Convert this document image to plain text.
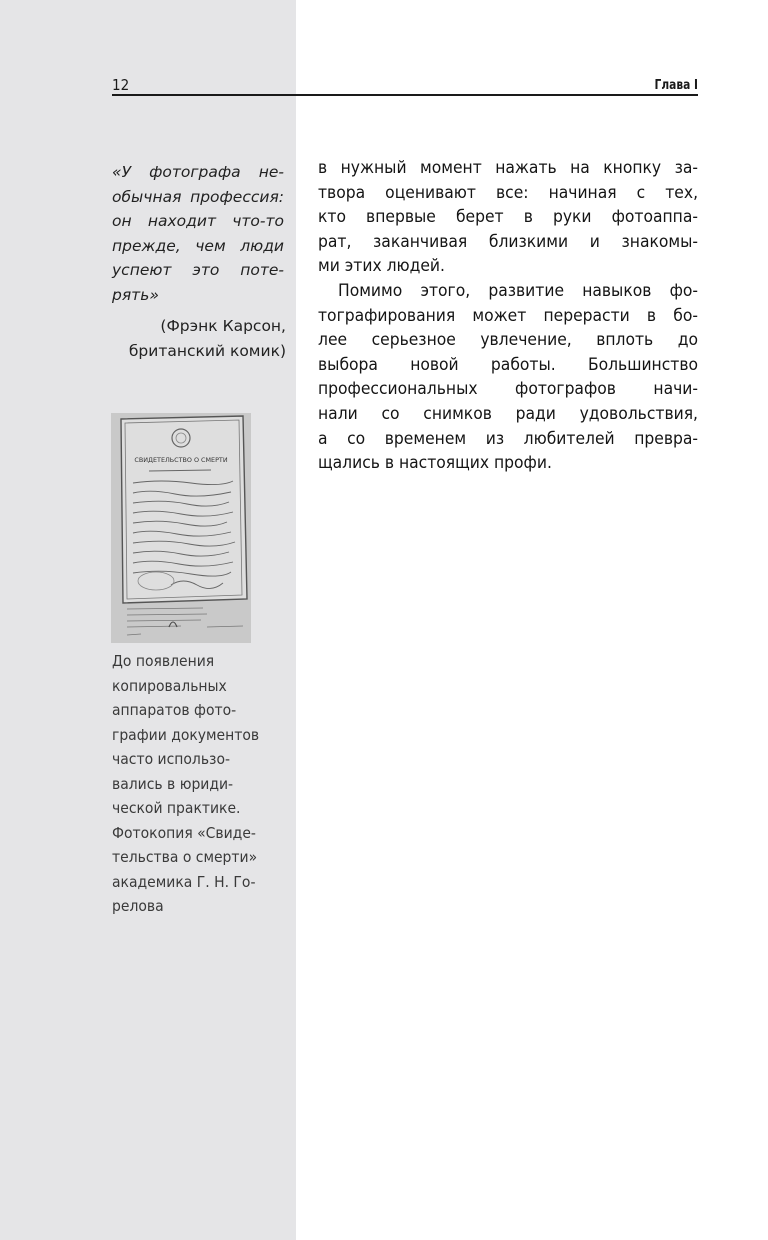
12	Глава I
«У фотографа не-
обычная профессия:
он находит что-то
прежде, чем люди
успеют это поте-
рять»
(Фрэнк Карсон,
британский комик)
СВИДЕТЕЛЬСТВО О СМЕРТИ
До появления
копировальных
аппаратов фото-
графии документов
часто использо-
вались в юриди-
ческой практике.
Фотокопия «Свиде-
тельства о смерти»
академика Г. Н. Го-
релова
в нужный момент нажать на кнопку за-
твора оценивают все: начиная с тех,
кто впервые берет в руки фотоаппа-
рат, заканчивая близкими и знакомы-
ми этих людей.
Помимо этого, развитие навыков фо-
тографирования может перерасти в бо-
лее серьезное увлечение, вплоть до
выбора новой работы. Большинство
профессиональных фотографов начи-
нали со снимков ради удовольствия,
а со временем из любителей превра-
щались в настоящих профи.
